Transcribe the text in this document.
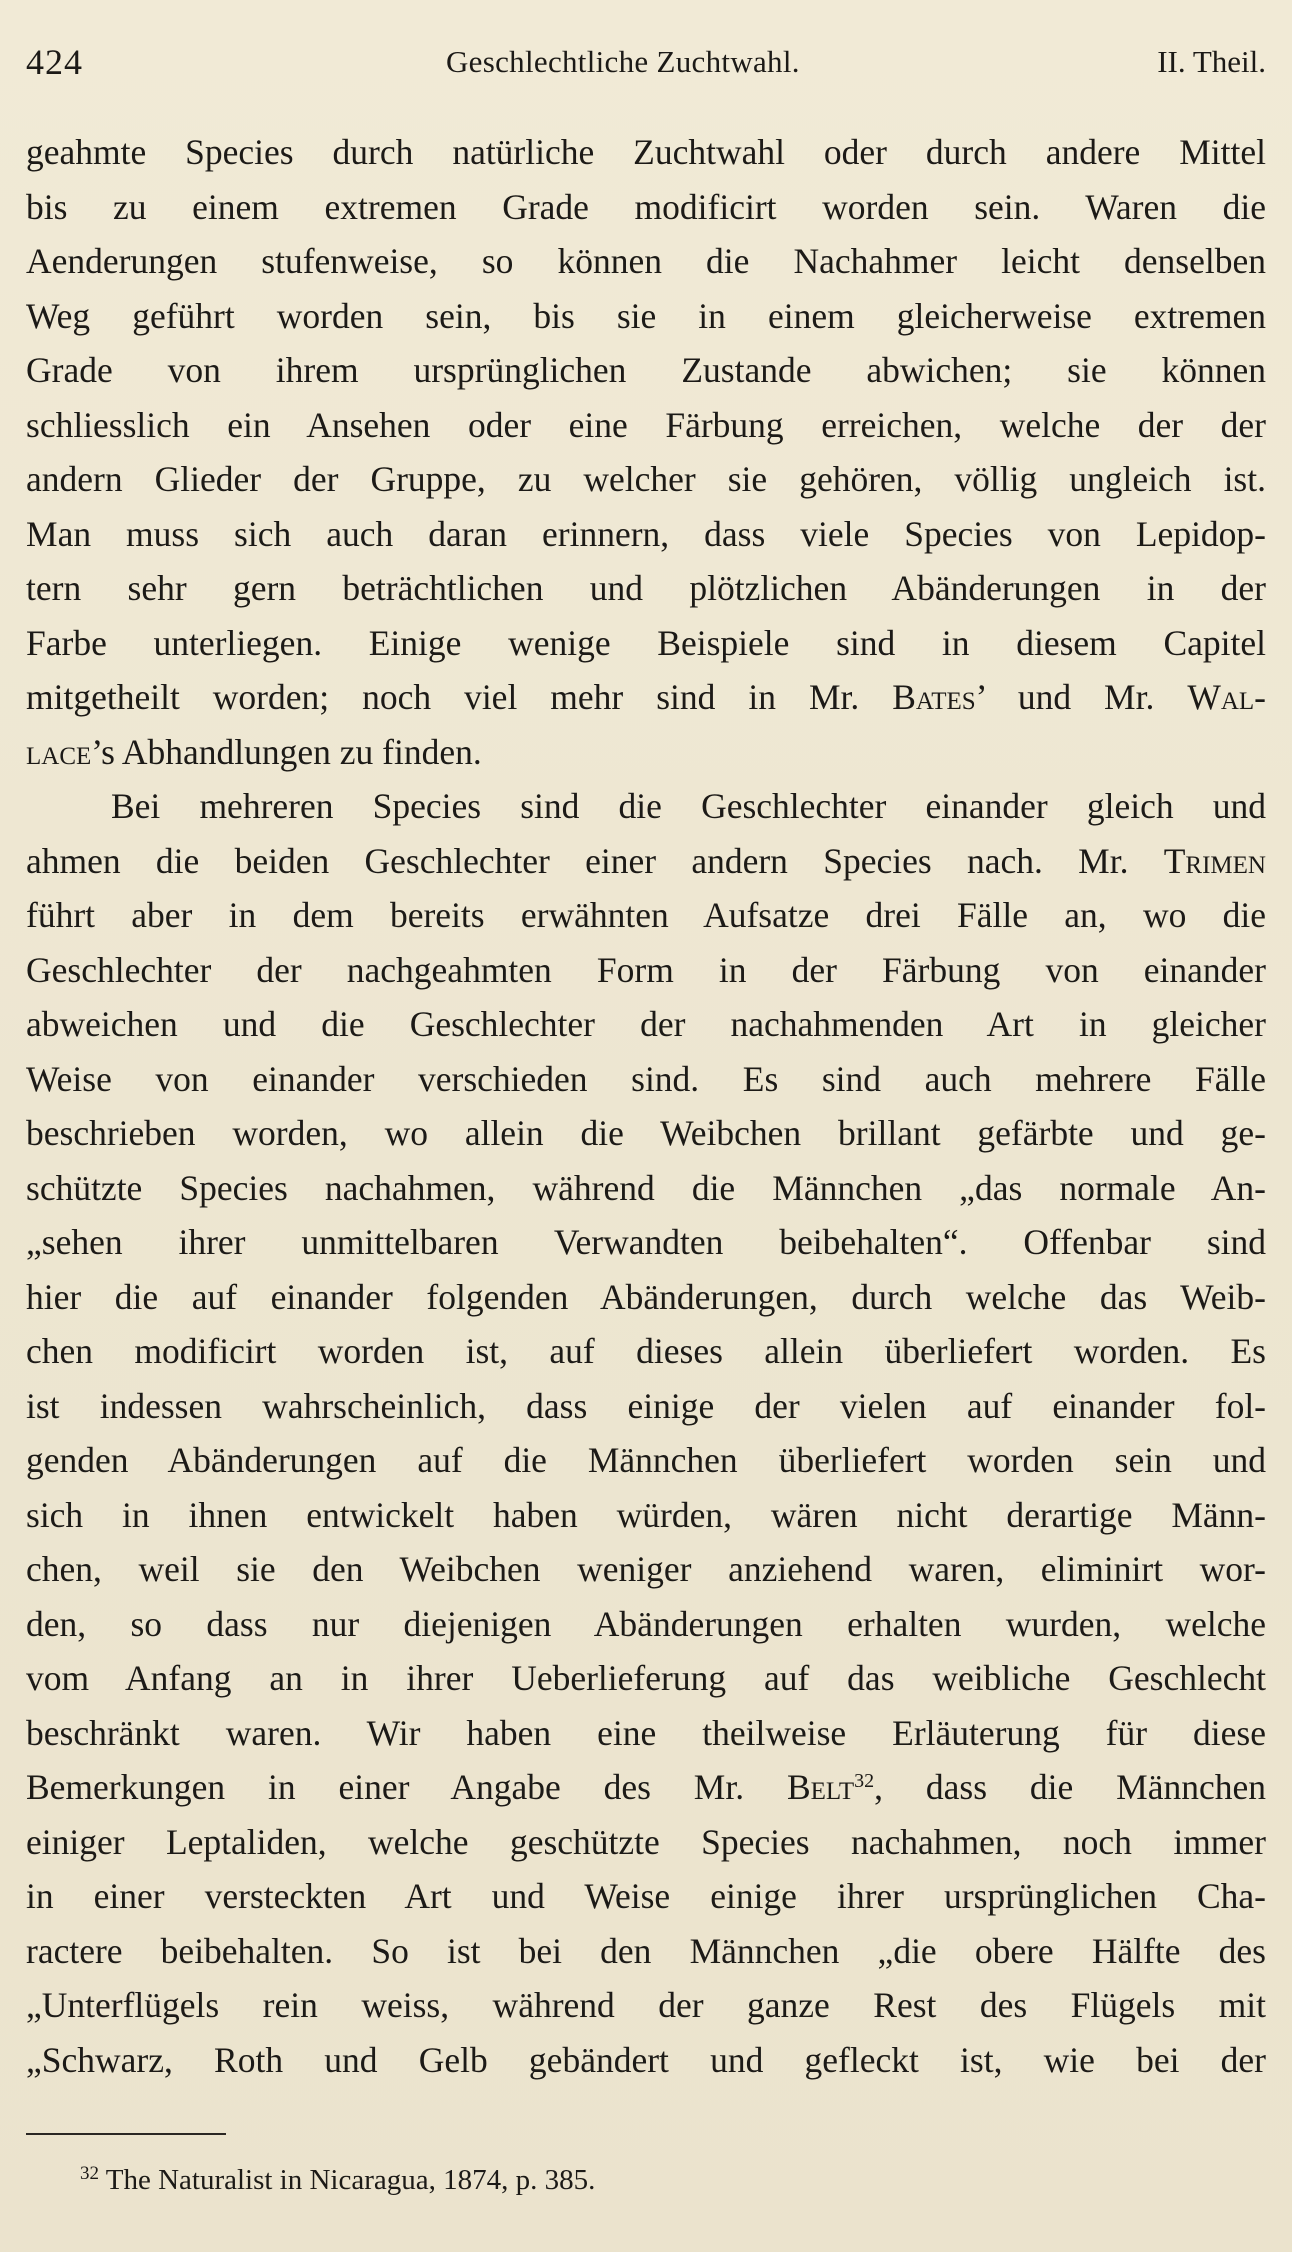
424	Geschlechtliche Zuchtwahl.	II. Theil.
geahmte Species durch natürliche Zuchtwahl oder durch andere Mittel
bis zu einem extremen Grade modificirt worden sein. Waren die
Aenderungen stufenweise, so können die Nachahmer leicht denselben
Weg geführt worden sein, bis sie in einem gleicherweise extremen
Grade von ihrem ursprünglichen Zustande abwichen; sie können
schliesslich ein Ansehen oder eine Färbung erreichen, welche der der
andern Glieder der Gruppe, zu welcher sie gehören, völlig ungleich ist.
Man muss sich auch daran erinnern, dass viele Species von Lepidop-
tern sehr gern beträchtlichen und plötzlichen Abänderungen in der
Farbe unterliegen. Einige wenige Beispiele sind in diesem Capitel
mitgetheilt worden; noch viel mehr sind in Mr. Bates’ und Mr. Wal-
lace’s Abhandlungen zu finden.
Bei mehreren Species sind die Geschlechter einander gleich und
ahmen die beiden Geschlechter einer andern Species nach. Mr. Trimen
führt aber in dem bereits erwähnten Aufsatze drei Fälle an, wo die
Geschlechter der nachgeahmten Form in der Färbung von einander
abweichen und die Geschlechter der nachahmenden Art in gleicher
Weise von einander verschieden sind. Es sind auch mehrere Fälle
beschrieben worden, wo allein die Weibchen brillant gefärbte und ge-
schützte Species nachahmen, während die Männchen „das normale An-
„sehen ihrer unmittelbaren Verwandten beibehalten“. Offenbar sind
hier die auf einander folgenden Abänderungen, durch welche das Weib-
chen modificirt worden ist, auf dieses allein überliefert worden. Es
ist indessen wahrscheinlich, dass einige der vielen auf einander fol-
genden Abänderungen auf die Männchen überliefert worden sein und
sich in ihnen entwickelt haben würden, wären nicht derartige Männ-
chen, weil sie den Weibchen weniger anziehend waren, eliminirt wor-
den, so dass nur diejenigen Abänderungen erhalten wurden, welche
vom Anfang an in ihrer Ueberlieferung auf das weibliche Geschlecht
beschränkt waren. Wir haben eine theilweise Erläuterung für diese
Bemerkungen in einer Angabe des Mr. Belt$^{32}$, dass die Männchen
einiger Leptaliden, welche geschützte Species nachahmen, noch immer
in einer versteckten Art und Weise einige ihrer ursprünglichen Cha-
ractere beibehalten. So ist bei den Männchen „die obere Hälfte des
„Unterflügels rein weiss, während der ganze Rest des Flügels mit
„Schwarz, Roth und Gelb gebändert und gefleckt ist, wie bei der
$^{32}$ The Naturalist in Nicaragua, 1874, p. 385.
